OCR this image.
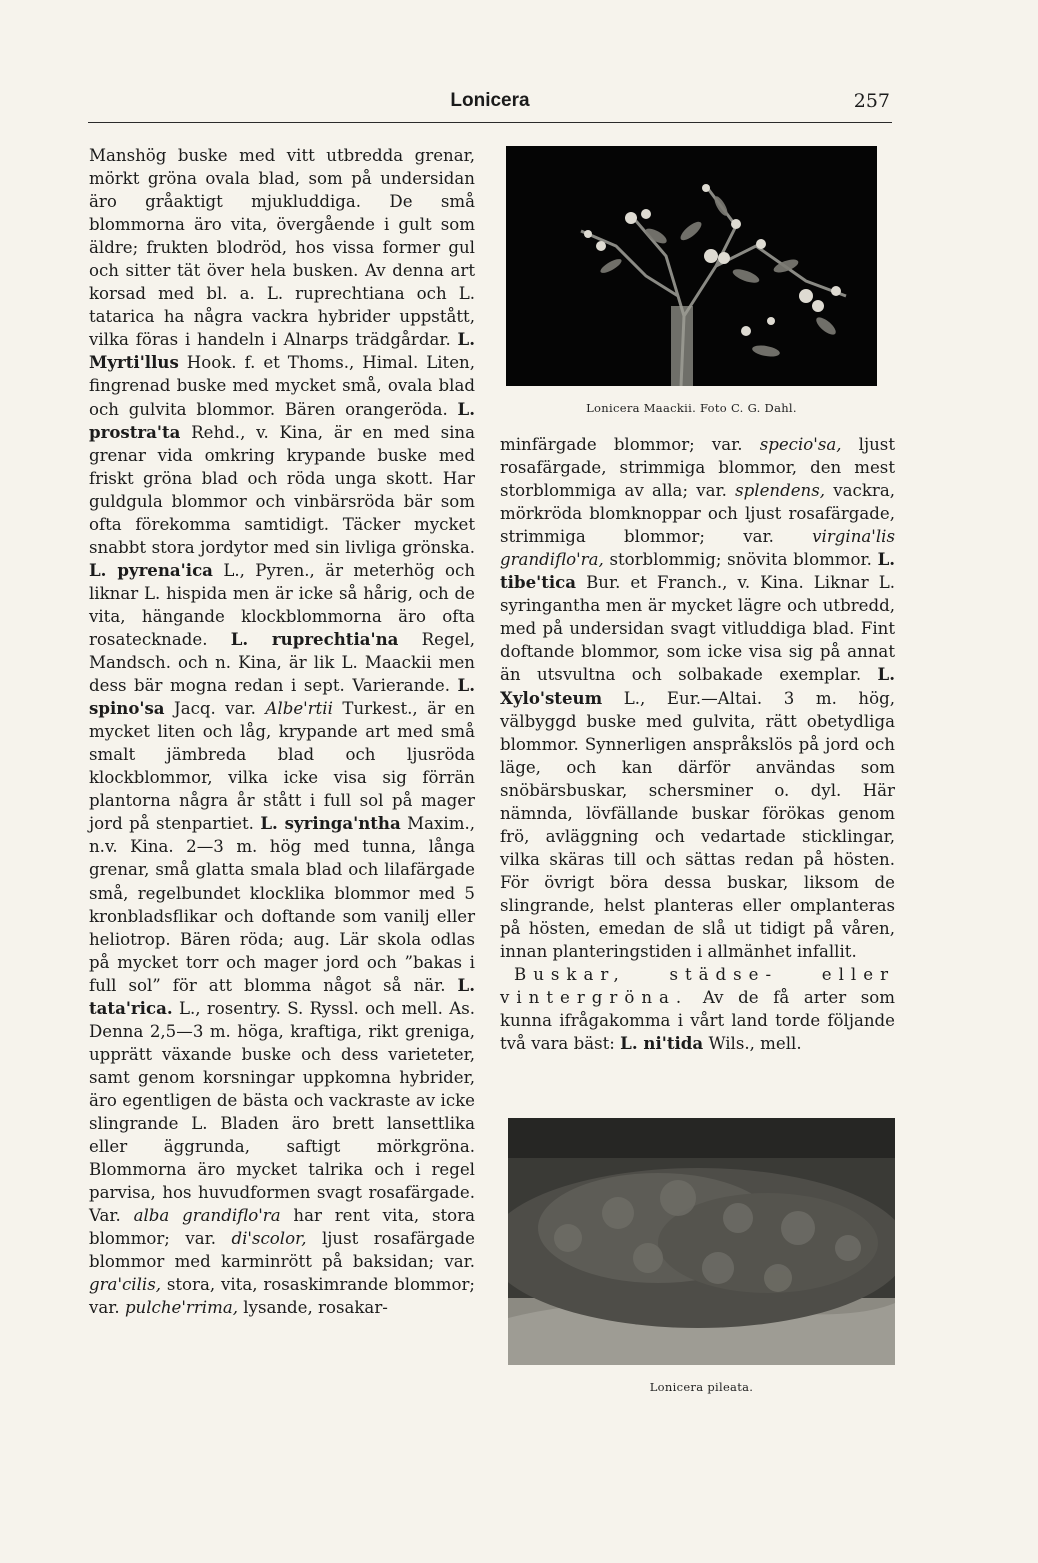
Lonicera	257

Manshög buske med vitt utbredda grenar, mörkt gröna ovala blad, som på undersidan äro gråaktigt mjukluddiga. De små blommorna äro vita, övergående i gult som äldre; frukten blodröd, hos vissa former gul och sitter tät över hela busken. Av denna art korsad med bl. a. L. ruprechtiana och L. tatarica ha några vackra hybrider uppstått, vilka föras i handeln i Alnarps trädgårdar. L. Myrti'llus Hook. f. et Thoms., Himal. Liten, fingrenad buske med mycket små, ovala blad och gulvita blommor. Bären orangeröda. L. prostra'ta Rehd., v. Kina, är en med sina grenar vida omkring krypande buske med friskt gröna blad och röda unga skott. Har guldgula blommor och vinbärsröda bär som ofta förekomma samtidigt. Täcker mycket snabbt stora jordytor med sin livliga grönska. L. pyrena'ica L., Pyren., är meterhög och liknar L. hispida men är icke så hårig, och de vita, hängande klockblommorna äro ofta rosatecknade. L. ruprechtia'na Regel, Mandsch. och n. Kina, är lik L. Maackii men dess bär mogna redan i sept. Varierande. L. spino'sa Jacq. var. Albe'rtii Turkest., är en mycket liten och låg, krypande art med små smalt jämbreda blad och ljusröda klockblommor, vilka icke visa sig förrän plantorna några år stått i full sol på mager jord på stenpartiet. L. syringa'ntha Maxim., n.v. Kina. 2—3 m. hög med tunna, långa grenar, små glatta smala blad och lilafärgade små, regelbundet klocklika blommor med 5 kronbladsflikar och doftande som vanilj eller heliotrop. Bären röda; aug. Lär skola odlas på mycket torr och mager jord och ”bakas i full sol” för att blomma något så när. L. tata'rica. L., rosentry. S. Ryssl. och mell. As. Denna 2,5—3 m. höga, kraftiga, rikt greniga, upprätt växande buske och dess varieteter, samt genom korsningar uppkomna hybrider, äro egentligen de bästa och vackraste av icke slingrande L. Bladen äro brett lansettlika eller äggrunda, saftigt mörkgröna. Blommorna äro mycket talrika och i regel parvisa, hos huvudformen svagt rosafärgade. Var. alba grandiflo'ra har rent vita, stora blommor; var. di'scolor, ljust rosafärgade blommor med karminrött på baksidan; var. gra'cilis, stora, vita, rosaskimrande blommor; var. pulche'rrima, lysande, rosakar-

Lonicera Maackii. Foto C. G. Dahl.

minfärgade blommor; var. specio'sa, ljust rosafärgade, strimmiga blommor, den mest storblommiga av alla; var. splendens, vackra, mörkröda blomknoppar och ljust rosafärgade, strimmiga blommor; var. virgina'lis grandiflo'ra, storblommig; snövita blommor. L. tibe'tica Bur. et Franch., v. Kina. Liknar L. syringantha men är mycket lägre och utbredd, med på undersidan svagt vitluddiga blad. Fint doftande blommor, som icke visa sig på annat än utsvultna och solbakade exemplar. L. Xylo'steum L., Eur.—Altai. 3 m. hög, välbyggd buske med gulvita, rätt obetydliga blommor. Synnerligen anspråkslös på jord och läge, och kan därför användas som snöbärsbuskar, schersminer o. dyl. Här nämnda, lövfällande buskar förökas genom frö, avläggning och vedartade sticklingar, vilka skäras till och sättas redan på hösten. För övrigt böra dessa buskar, liksom de slingrande, helst planteras eller omplanteras på hösten, emedan de slå ut tidigt på våren, innan planteringstiden i allmänhet infallit.

Buskar, städse- eller vintergröna. Av de få arter som kunna ifrågakomma i vårt land torde följande två vara bäst: L. ni'tida Wils., mell.

Lonicera pileata.
